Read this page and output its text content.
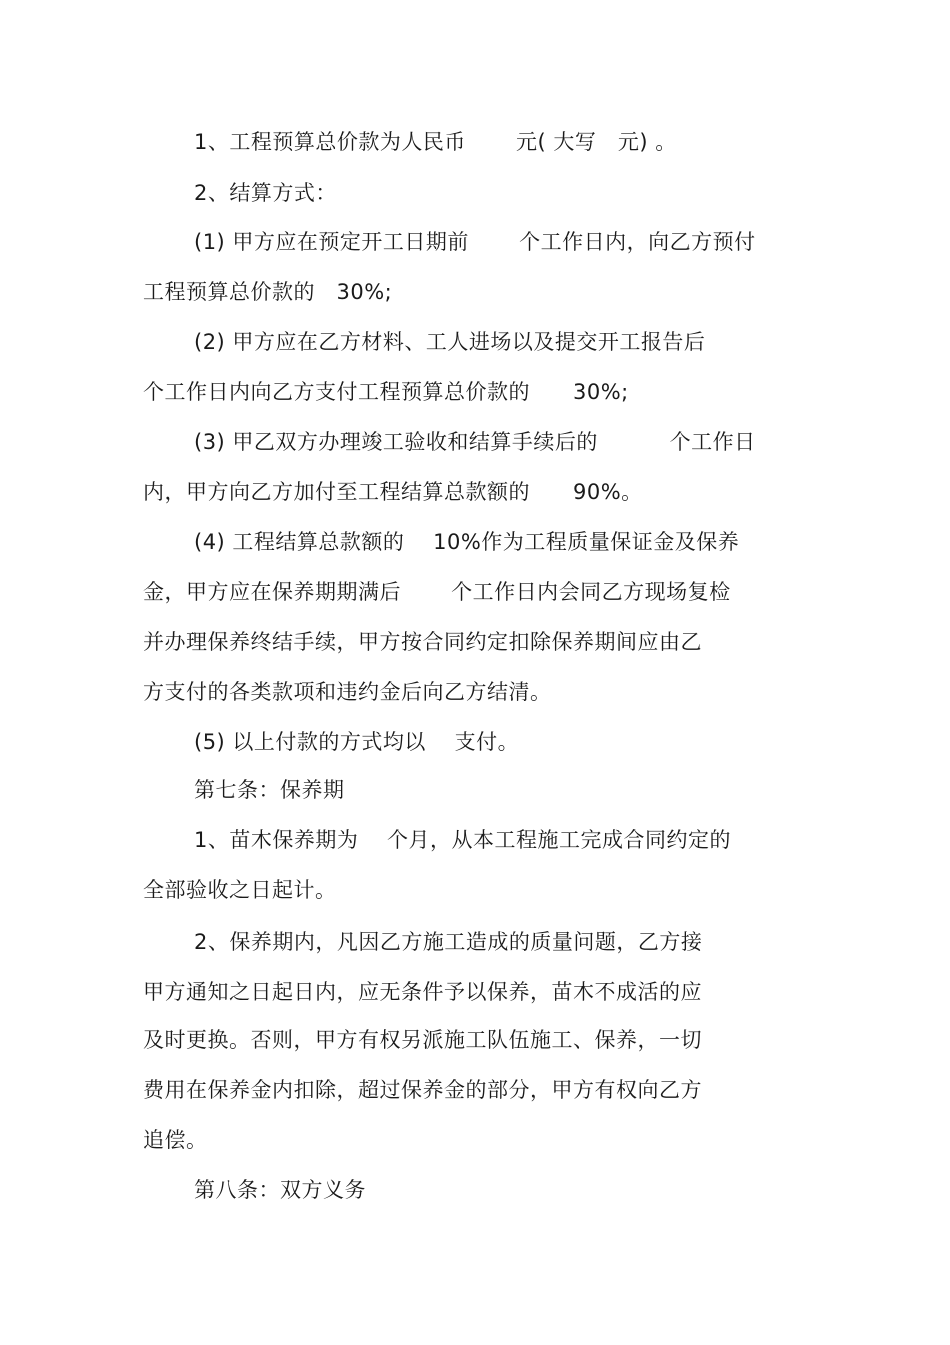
1、工程预算总价款为人民币　　 元( 大写　元) 。
2、结算方式：
(1) 甲方应在预定开工日期前　　 个工作日内，向乙方预付
工程预算总价款的　30%;
(2) 甲方应在乙方材料、工人进场以及提交开工报告后
个工作日内向乙方支付工程预算总价款的　　30%;
(3) 甲乙双方办理竣工验收和结算手续后的　　　 个工作日
内，甲方向乙方加付至工程结算总款额的　　90%。
(4) 工程结算总款额的　 10%作为工程质量保证金及保养
金，甲方应在保养期期满后　　 个工作日内会同乙方现场复检
并办理保养终结手续，甲方按合同约定扣除保养期间应由乙
方支付的各类款项和违约金后向乙方结清。
(5) 以上付款的方式均以　 支付。
第七条：保养期
1、苗木保养期为　 个月，从本工程施工完成合同约定的
全部验收之日起计。
2、保养期内，凡因乙方施工造成的质量问题，乙方接
甲方通知之日起日内，应无条件予以保养，苗木不成活的应
及时更换。否则，甲方有权另派施工队伍施工、保养，一切
费用在保养金内扣除，超过保养金的部分，甲方有权向乙方
追偿。
第八条：双方义务
